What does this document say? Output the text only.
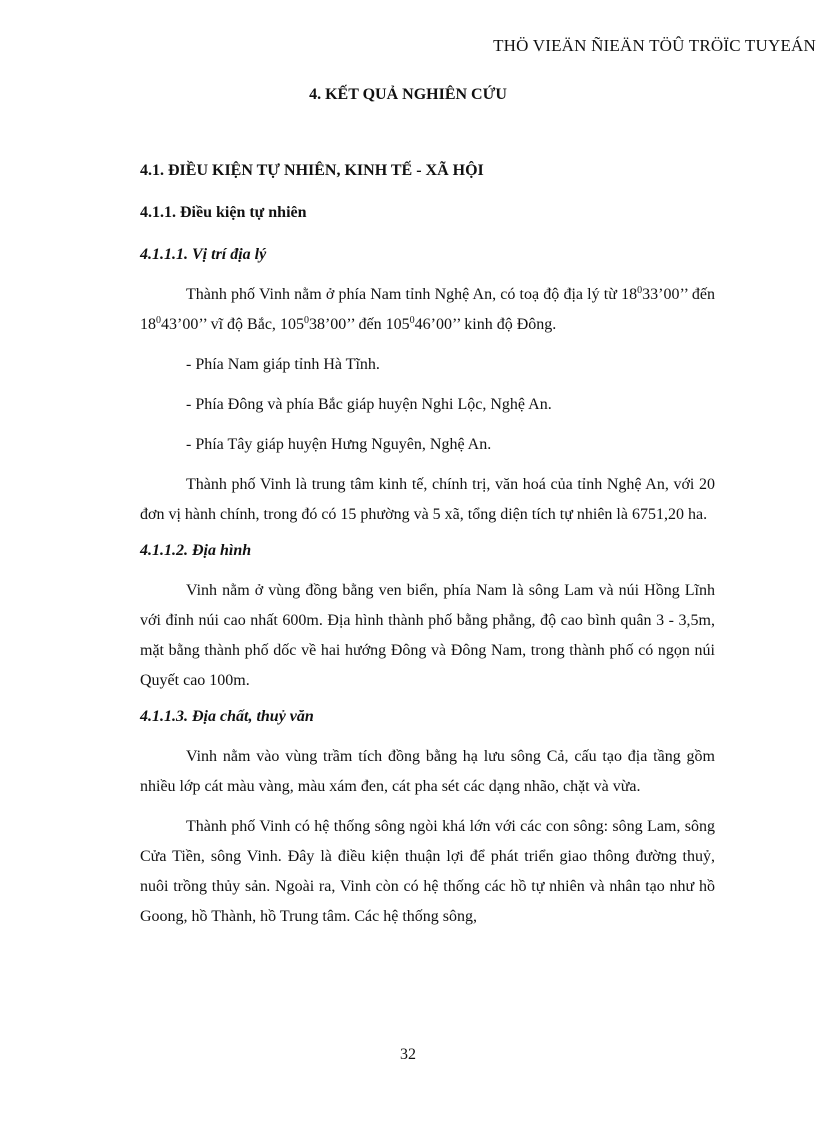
THÖ VIEÄN ÑIEÄN TÖÛ TRÖÏC TUYEÁN
4. KẾT QUẢ NGHIÊN CỨU
4.1. ĐIỀU KIỆN TỰ NHIÊN, KINH TẾ - XÃ HỘI
4.1.1. Điều kiện tự nhiên
4.1.1.1. Vị trí địa lý
Thành phố Vinh nằm ở phía Nam tỉnh Nghệ An, có toạ độ địa lý từ $18^033’00$’’ đến $18^043’00$’’ vĩ độ Bắc, $105^038’00$’’ đến $105^046’00$’’ kinh độ Đông.
- Phía Nam giáp tỉnh Hà Tĩnh.
- Phía Đông và phía Bắc giáp huyện Nghi Lộc, Nghệ An.
- Phía Tây giáp huyện Hưng Nguyên, Nghệ An.
Thành phố Vinh là trung tâm kinh tế, chính trị, văn hoá của tỉnh Nghệ An, với 20 đơn vị hành chính, trong đó có 15 phường và 5 xã, tổng diện tích tự nhiên là 6751,20 ha.
4.1.1.2. Địa hình
Vinh nằm ở vùng đồng bằng ven biển, phía Nam là sông Lam và núi Hồng Lĩnh với đỉnh núi cao nhất 600m. Địa hình thành phố bằng phẳng, độ cao bình quân 3 - 3,5m, mặt bằng thành phố dốc về hai hướng Đông và Đông Nam, trong thành phố có ngọn núi Quyết cao 100m.
4.1.1.3. Địa chất, thuỷ văn
Vinh nằm vào vùng trầm tích đồng bằng hạ lưu sông Cả, cấu tạo địa tầng gồm nhiều lớp cát màu vàng, màu xám đen, cát pha sét các dạng nhão, chặt và vừa.
Thành phố Vinh có hệ thống sông ngòi khá lớn với các con sông: sông Lam, sông Cửa Tiền, sông Vinh. Đây là điều kiện thuận lợi để phát triển giao thông đường thuỷ, nuôi trồng thủy sản. Ngoài ra, Vinh còn có hệ thống các hồ tự nhiên và nhân tạo như hồ Goong, hồ Thành, hồ Trung tâm. Các hệ thống sông,
32
